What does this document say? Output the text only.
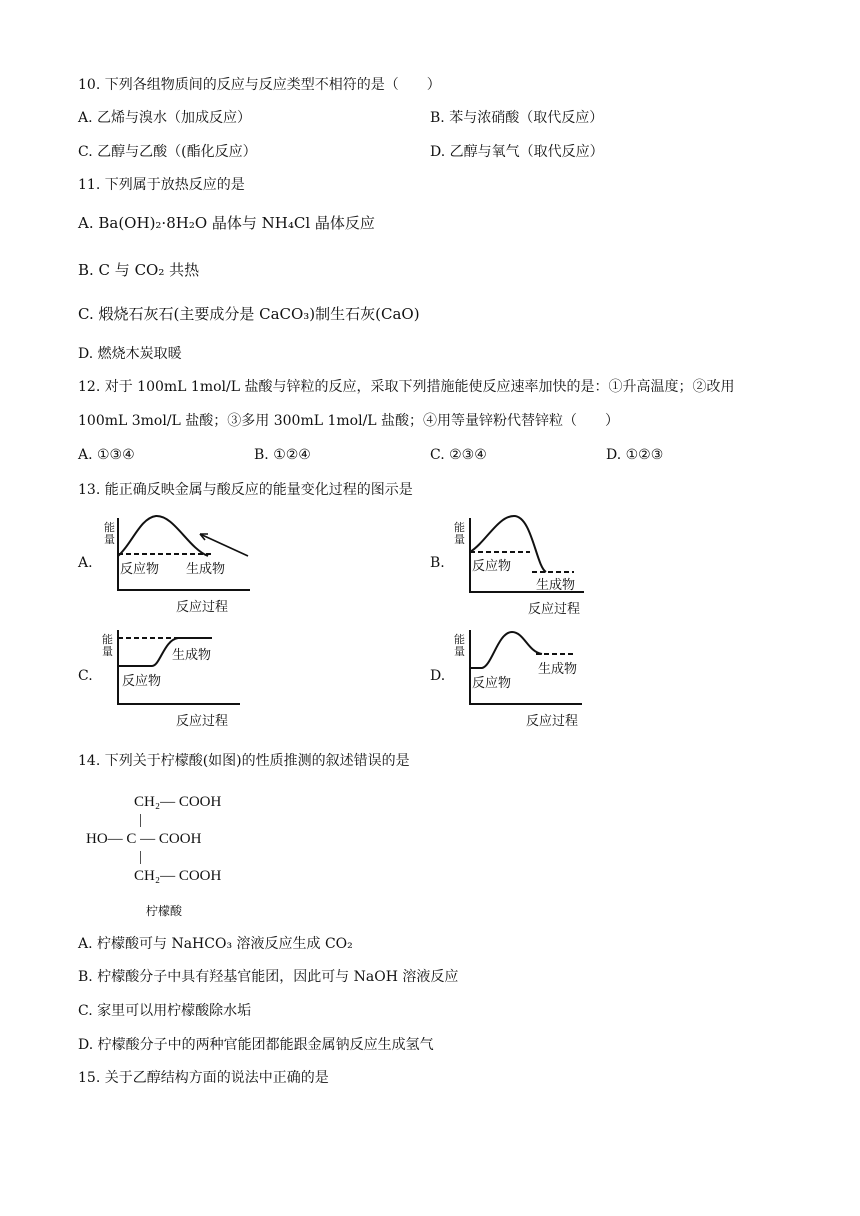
10. 下列各组物质间的反应与反应类型不相符的是（　　）
A. 乙烯与溴水（加成反应）	B. 苯与浓硝酸（取代反应）
C. 乙醇与乙酸（(酯化反应）	D. 乙醇与氧气（取代反应）
11. 下列属于放热反应的是
A. Ba(OH)₂·8H₂O 晶体与 NH₄Cl 晶体反应
B. C 与 CO₂ 共热
C. 煅烧石灰石(主要成分是 CaCO₃)制生石灰(CaO)
D. 燃烧木炭取暖
12. 对于 100mL 1mol/L 盐酸与锌粒的反应，采取下列措施能使反应速率加快的是：①升高温度；②改用
100mL 3mol/L 盐酸；③多用 300mL 1mol/L 盐酸；④用等量锌粉代替锌粒（　　）
A. ①③④	B. ①②④	C. ②③④	D. ①②③
13. 能正确反映金属与酸反应的能量变化过程的图示是
A.	B.
C.	D.
能量
反应物 生成物
反应过程
能量
反应物
生成物
反应过程
能量
反应物
生成物
反应过程
能量
反应物
生成物
反应过程
14. 下列关于柠檬酸(如图)的性质推测的叙述错误的是
CH₂— COOH
|
HO— C — COOH
|
CH₂— COOH
柠檬酸
A. 柠檬酸可与 NaHCO₃ 溶液反应生成 CO₂
B. 柠檬酸分子中具有羟基官能团，因此可与 NaOH 溶液反应
C. 家里可以用柠檬酸除水垢
D. 柠檬酸分子中的两种官能团都能跟金属钠反应生成氢气
15. 关于乙醇结构方面的说法中正确的是
